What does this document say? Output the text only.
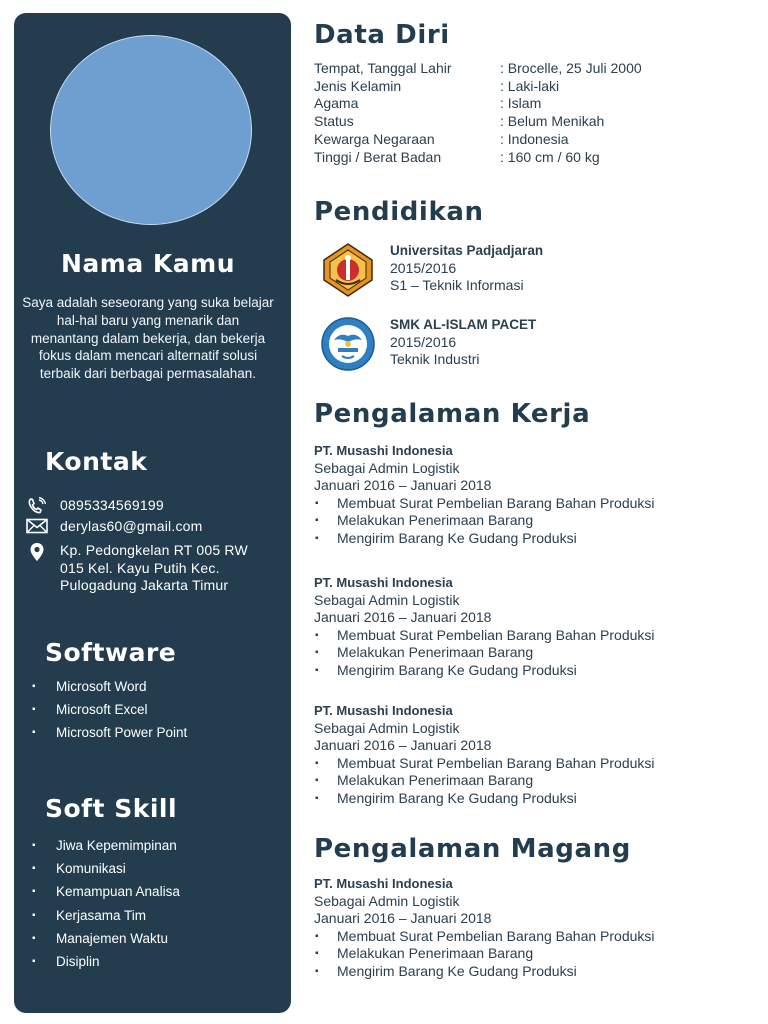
Nama Kamu
Saya adalah seseorang yang suka belajar hal-hal baru yang menarik dan menantang dalam bekerja, dan bekerja fokus dalam mencari alternatif solusi terbaik dari berbagai permasalahan.
Kontak
0895334569199
derylas60@gmail.com
Kp. Pedongkelan RT 005 RW 015 Kel. Kayu Putih Kec. Pulogadung Jakarta Timur
Software
▪ Microsoft Word
▪ Microsoft Excel
▪ Microsoft Power Point
Soft Skill
▪ Jiwa Kepemimpinan
▪ Komunikasi
▪ Kemampuan Analisa
▪ Kerjasama Tim
▪ Manajemen Waktu
▪ Disiplin
Data Diri
Tempat, Tanggal Lahir	: Brocelle, 25 Juli 2000
Jenis Kelamin	: Laki-laki
Agama	: Islam
Status	: Belum Menikah
Kewarga Negaraan	: Indonesia
Tinggi / Berat Badan	: 160 cm / 60 kg
Pendidikan
Universitas Padjadjaran
2015/2016
S1 – Teknik Informasi
SMK AL-ISLAM PACET
2015/2016
Teknik Industri
Pengalaman Kerja
PT. Musashi Indonesia
Sebagai Admin Logistik
Januari 2016 – Januari 2018
▪ Membuat Surat Pembelian Barang Bahan Produksi
▪ Melakukan Penerimaan Barang
▪ Mengirim Barang Ke Gudang Produksi
PT. Musashi Indonesia
Sebagai Admin Logistik
Januari 2016 – Januari 2018
▪ Membuat Surat Pembelian Barang Bahan Produksi
▪ Melakukan Penerimaan Barang
▪ Mengirim Barang Ke Gudang Produksi
PT. Musashi Indonesia
Sebagai Admin Logistik
Januari 2016 – Januari 2018
▪ Membuat Surat Pembelian Barang Bahan Produksi
▪ Melakukan Penerimaan Barang
▪ Mengirim Barang Ke Gudang Produksi
Pengalaman Magang
PT. Musashi Indonesia
Sebagai Admin Logistik
Januari 2016 – Januari 2018
▪ Membuat Surat Pembelian Barang Bahan Produksi
▪ Melakukan Penerimaan Barang
▪ Mengirim Barang Ke Gudang Produksi
